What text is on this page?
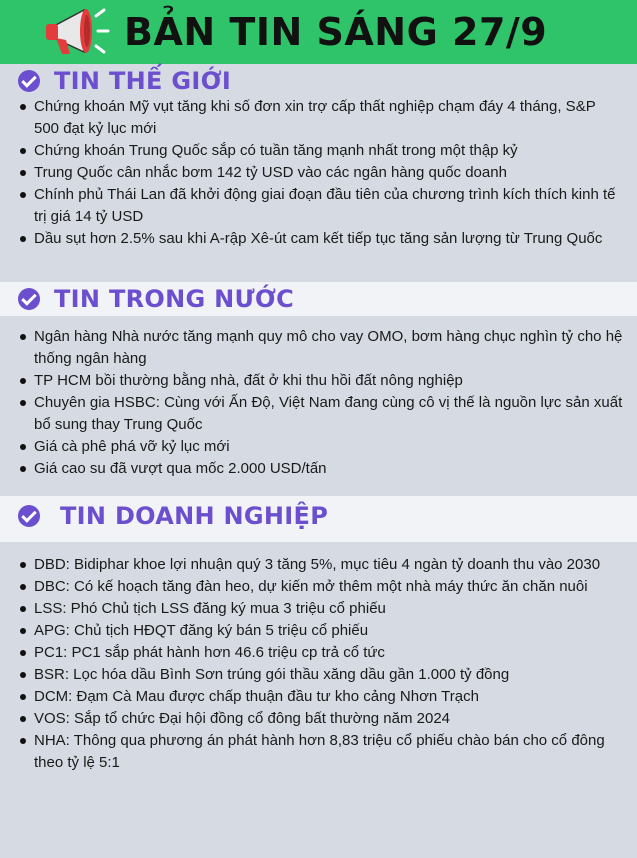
BẢN TIN SÁNG 27/9
TIN THẾ GIỚI
Chứng khoán Mỹ vụt tăng khi số đơn xin trợ cấp thất nghiệp chạm đáy 4 tháng, S&P 500 đạt kỷ lục mới
Chứng khoán Trung Quốc sắp có tuần tăng mạnh nhất trong một thập kỷ
Trung Quốc cân nhắc bơm 142 tỷ USD vào các ngân hàng quốc doanh
Chính phủ Thái Lan đã khởi động giai đoạn đầu tiên của chương trình kích thích kinh tế trị giá 14 tỷ USD
Dầu sụt hơn 2.5% sau khi A-rập Xê-út cam kết tiếp tục tăng sản lượng từ Trung Quốc
Ngân hàng Nhà nước tăng mạnh quy mô cho vay OMO, bơm hàng chục nghìn tỷ cho hệ thống ngân hàng
TP HCM bồi thường bằng nhà, đất ở khi thu hồi đất nông nghiệp
Chuyên gia HSBC: Cùng với Ấn Độ, Việt Nam đang cùng cô vị thế là nguồn lực sản xuất bổ sung thay Trung Quốc
Giá cà phê phá vỡ kỷ lục mới
Giá cao su đã vượt qua mốc 2.000 USD/tấn
TIN TRONG NƯỚC
DBD: Bidiphar khoe lợi nhuận quý 3 tăng 5%, mục tiêu 4 ngàn tỷ doanh thu vào 2030
DBC: Có kế hoạch tăng đàn heo, dự kiến mở thêm một nhà máy thức ăn chăn nuôi
LSS: Phó Chủ tịch LSS đăng ký mua 3 triệu cổ phiếu
APG: Chủ tịch HĐQT đăng ký bán 5 triệu cổ phiếu
PC1: PC1 sắp phát hành hơn 46.6 triệu cp trả cổ tức
BSR: Lọc hóa dầu Bình Sơn trúng gói thầu xăng dầu gần 1.000 tỷ đồng
DCM: Đạm Cà Mau được chấp thuận đầu tư kho cảng Nhơn Trạch
VOS: Sắp tổ chức Đại hội đồng cổ đông bất thường năm 2024
NHA: Thông qua phương án phát hành hơn 8,83 triệu cổ phiếu chào bán cho cổ đông theo tỷ lệ 5:1
TIN DOANH NGHIỆP
